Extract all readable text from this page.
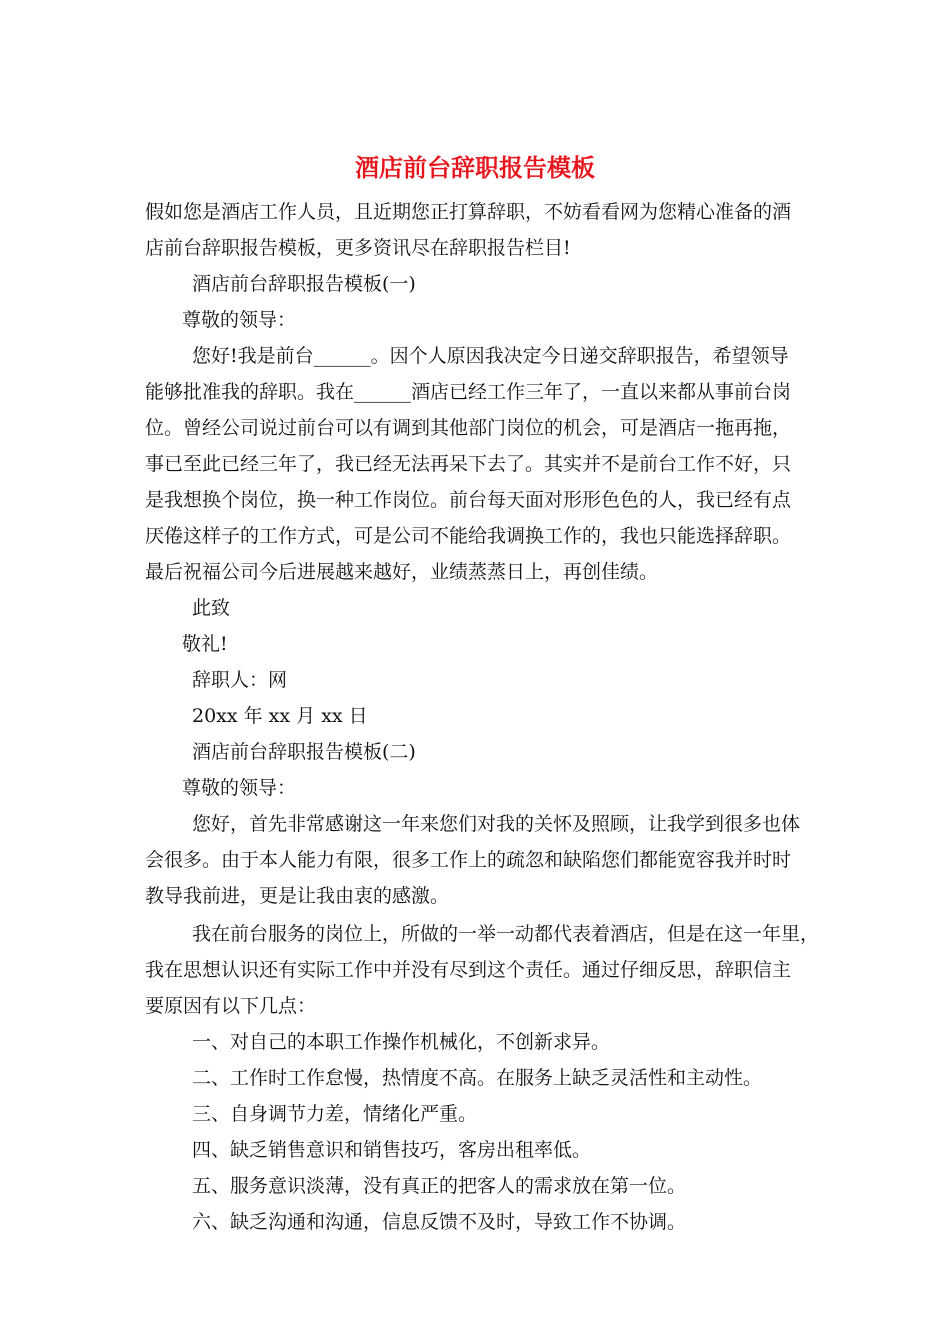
酒店前台辞职报告模板
假如您是酒店工作人员，且近期您正打算辞职，不妨看看网为您精心准备的酒
店前台辞职报告模板，更多资讯尽在辞职报告栏目!
酒店前台辞职报告模板(一)
尊敬的领导：
您好!我是前台______。因个人原因我决定今日递交辞职报告，希望领导
能够批准我的辞职。我在______酒店已经工作三年了，一直以来都从事前台岗
位。曾经公司说过前台可以有调到其他部门岗位的机会，可是酒店一拖再拖，
事已至此已经三年了，我已经无法再呆下去了。其实并不是前台工作不好，只
是我想换个岗位，换一种工作岗位。前台每天面对形形色色的人，我已经有点
厌倦这样子的工作方式，可是公司不能给我调换工作的，我也只能选择辞职。
最后祝福公司今后进展越来越好，业绩蒸蒸日上，再创佳绩。
此致
敬礼!
辞职人：网
20xx 年 xx 月 xx 日
酒店前台辞职报告模板(二)
尊敬的领导：
您好，首先非常感谢这一年来您们对我的关怀及照顾，让我学到很多也体
会很多。由于本人能力有限，很多工作上的疏忽和缺陷您们都能宽容我并时时
教导我前进，更是让我由衷的感激。
我在前台服务的岗位上，所做的一举一动都代表着酒店，但是在这一年里，
我在思想认识还有实际工作中并没有尽到这个责任。通过仔细反思，辞职信主
要原因有以下几点：
一、对自己的本职工作操作机械化，不创新求异。
二、工作时工作怠慢，热情度不高。在服务上缺乏灵活性和主动性。
三、自身调节力差，情绪化严重。
四、缺乏销售意识和销售技巧，客房出租率低。
五、服务意识淡薄，没有真正的把客人的需求放在第一位。
六、缺乏沟通和沟通，信息反馈不及时，导致工作不协调。
